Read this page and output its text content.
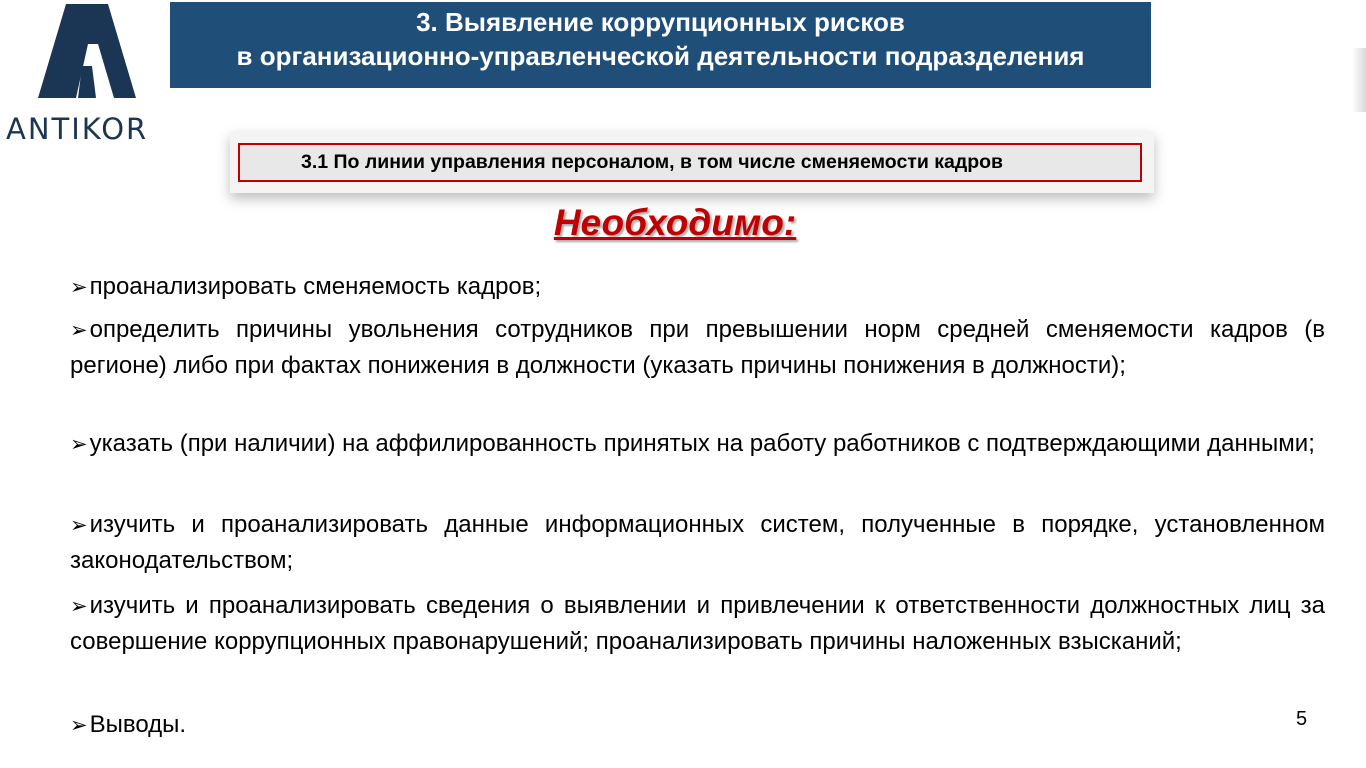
ANTIKOR
3. Выявление коррупционных рисков
в организационно-управленческой деятельности подразделения
3.1 По линии управления персоналом, в том числе сменяемости кадров
Необходимо:
➢проанализировать сменяемость кадров;
➢определить причины увольнения сотрудников при превышении норм средней сменяемости кадров (в регионе) либо при фактах понижения в должности (указать причины понижения в должности);
➢указать (при наличии) на аффилированность принятых на работу работников с подтверждающими данными;
➢изучить и проанализировать данные информационных систем, полученные в порядке, установленном законодательством;
➢изучить и проанализировать сведения о выявлении и привлечении к ответственности должностных лиц за совершение коррупционных правонарушений; проанализировать причины наложенных взысканий;
➢Выводы.	5
